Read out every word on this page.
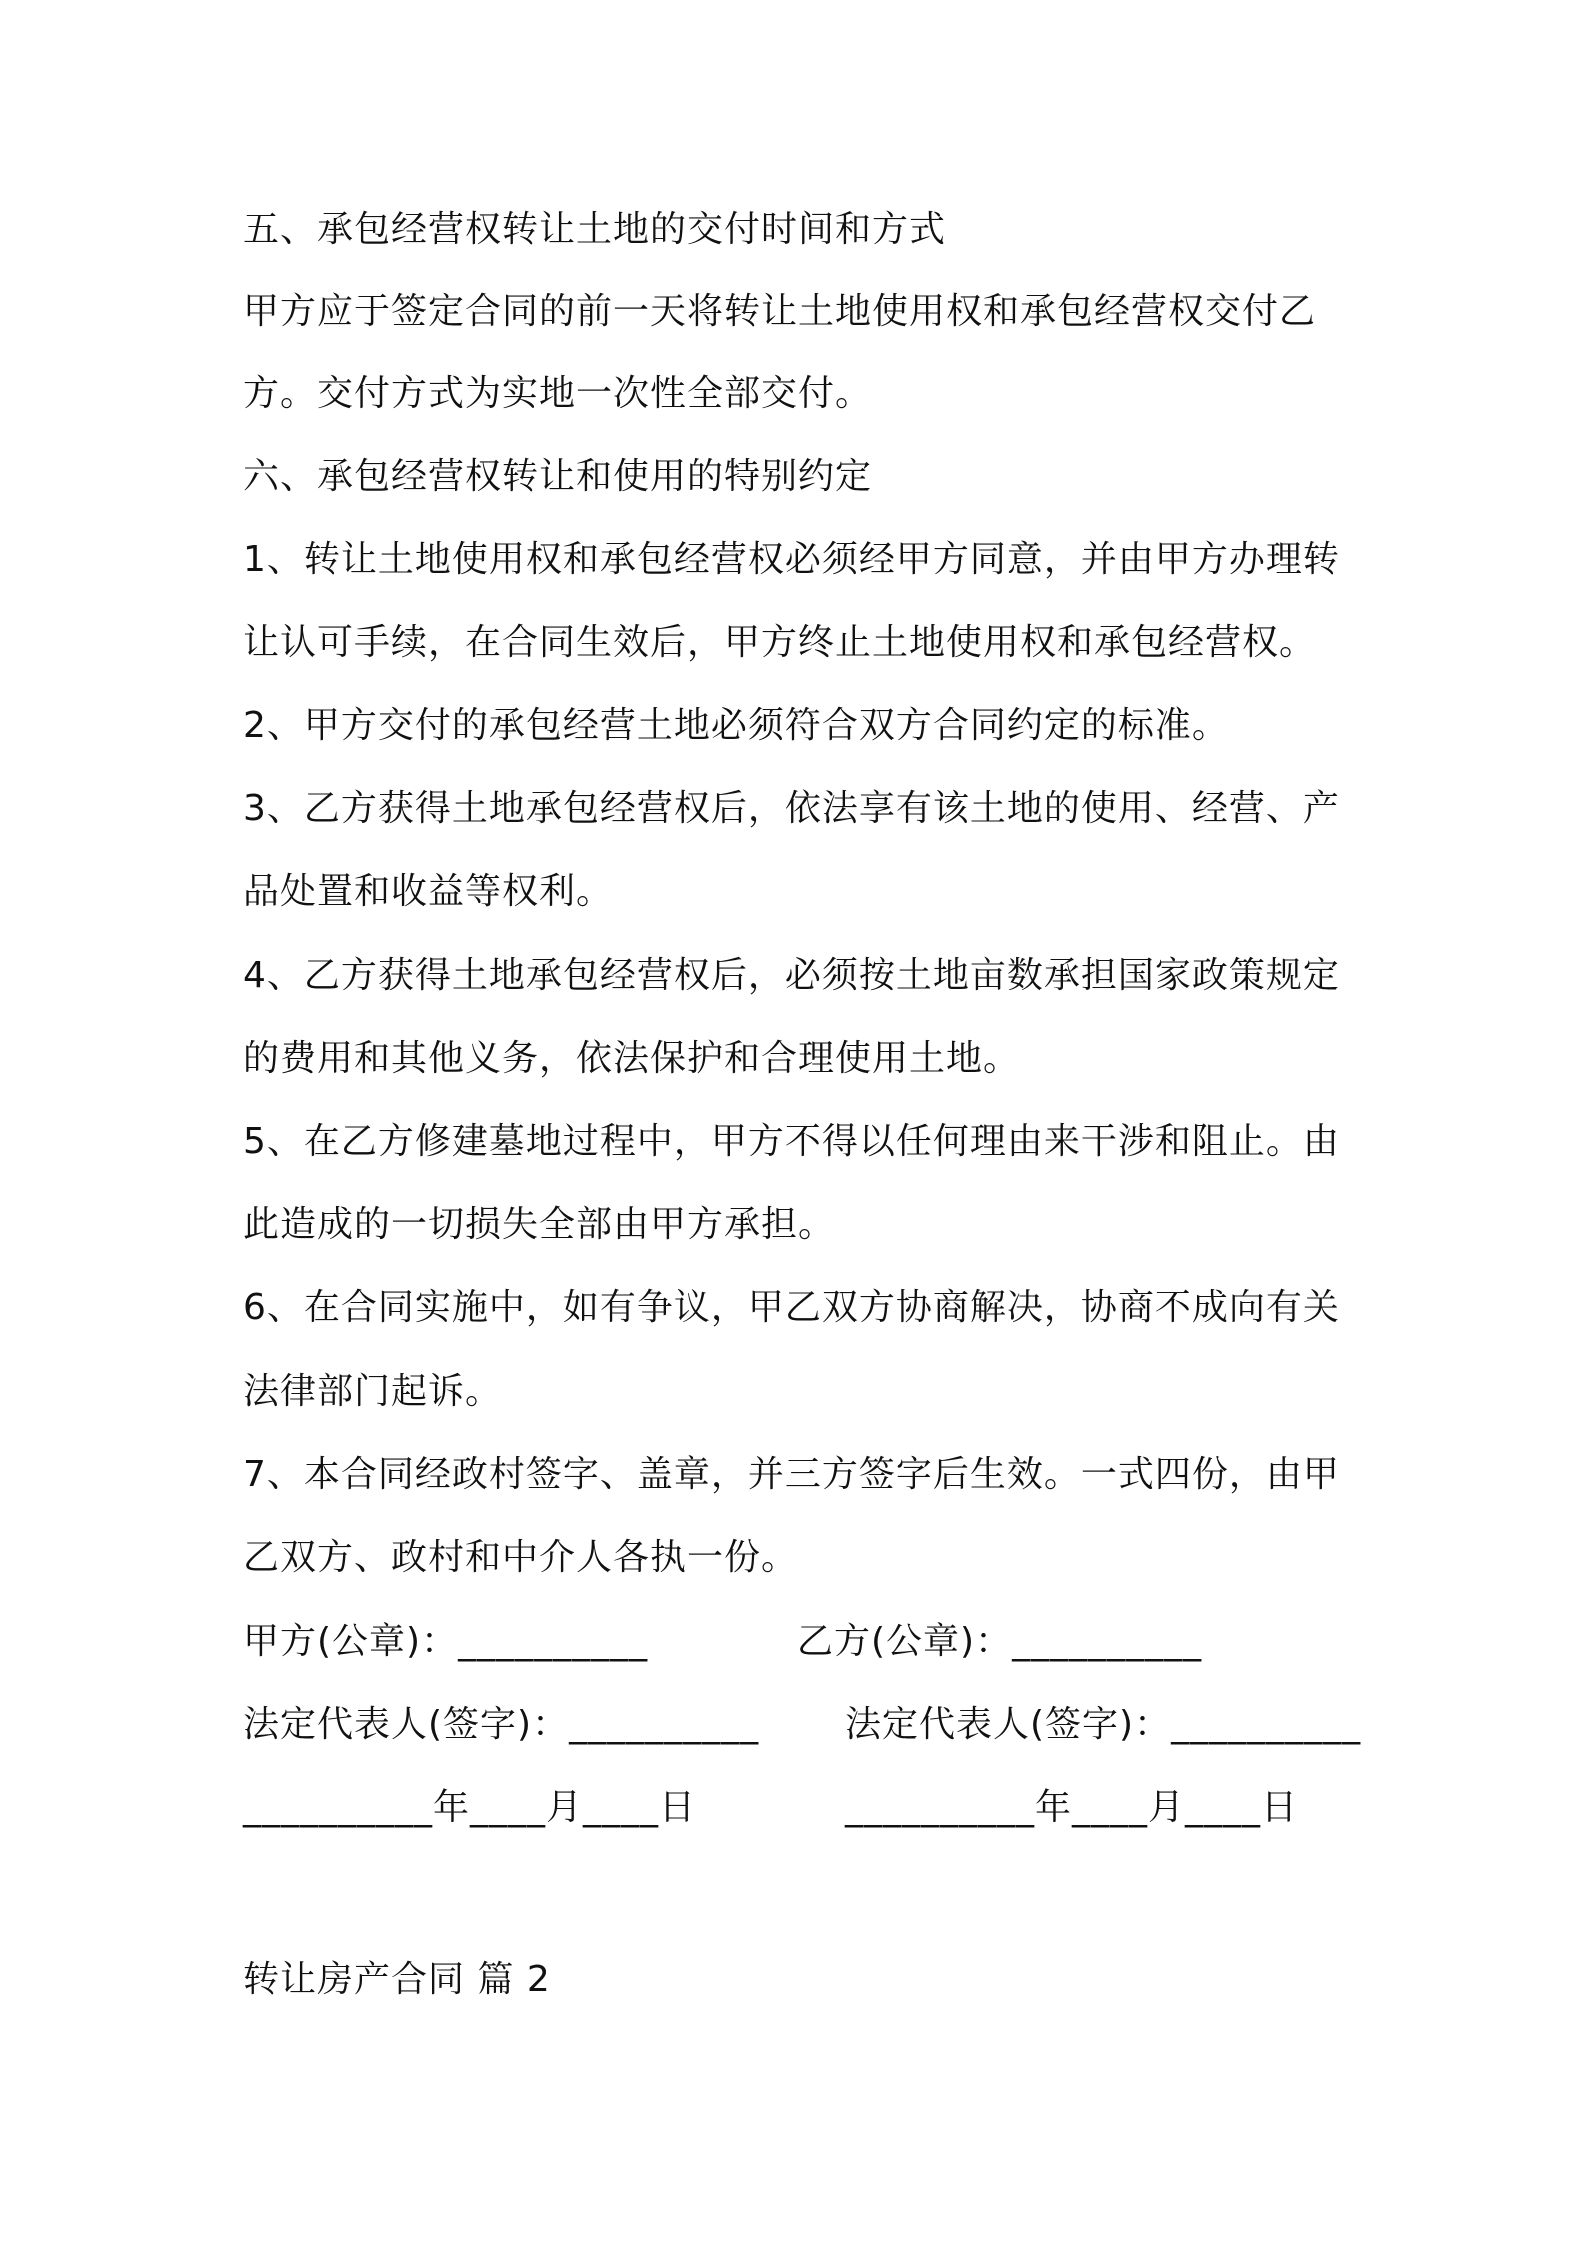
五、承包经营权转让土地的交付时间和方式
甲方应于签定合同的前一天将转让土地使用权和承包经营权交付乙
方。交付方式为实地一次性全部交付。
六、承包经营权转让和使用的特别约定
1、转让土地使用权和承包经营权必须经甲方同意，并由甲方办理转
让认可手续，在合同生效后，甲方终止土地使用权和承包经营权。
2、甲方交付的承包经营土地必须符合双方合同约定的标准。
3、乙方获得土地承包经营权后，依法享有该土地的使用、经营、产
品处置和收益等权利。
4、乙方获得土地承包经营权后，必须按土地亩数承担国家政策规定
的费用和其他义务，依法保护和合理使用土地。
5、在乙方修建墓地过程中，甲方不得以任何理由来干涉和阻止。由
此造成的一切损失全部由甲方承担。
6、在合同实施中，如有争议，甲乙双方协商解决，协商不成向有关
法律部门起诉。
7、本合同经政村签字、盖章，并三方签字后生效。一式四份，由甲
乙双方、政村和中介人各执一份。
甲方(公章)：__________	乙方(公章)：__________
法定代表人(签字)：__________ 法定代表人(签字)：__________
__________年____月____日	__________年____月____日
转让房产合同 篇 2
